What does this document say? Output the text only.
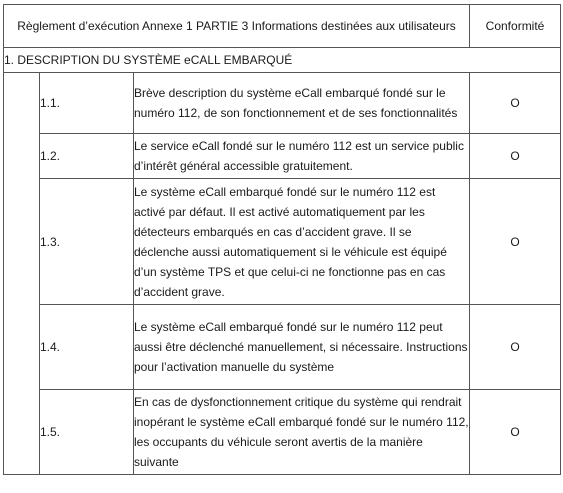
Règlement d’exécution Annexe 1 PARTIE 3 Informations destinées aux utilisateurs			Conformité
1. DESCRIPTION DU SYSTÈME eCALL EMBARQUÉ			
	1.1.	Brève description du système eCall embarqué fondé sur le numéro 112, de son fonctionnement et de ses fonctionnalités	O
	1.2.	Le service eCall fondé sur le numéro 112 est un service public d’intérêt général accessible gratuitement.	O
	1.3.	Le système eCall embarqué fondé sur le numéro 112 est activé par défaut. Il est activé automatiquement par les détecteurs embarqués en cas d’accident grave. Il se déclenche aussi automatiquement si le véhicule est équipé d’un système TPS et que celui-ci ne fonctionne pas en cas d’accident grave.	O
	1.4.	Le système eCall embarqué fondé sur le numéro 112 peut aussi être déclenché manuellement, si nécessaire. Instructions pour l’activation manuelle du système	O
	1.5.	En cas de dysfonctionnement critique du système qui rendrait inopérant le système eCall embarqué fondé sur le numéro 112, les occupants du véhicule seront avertis de la manière suivante	O
